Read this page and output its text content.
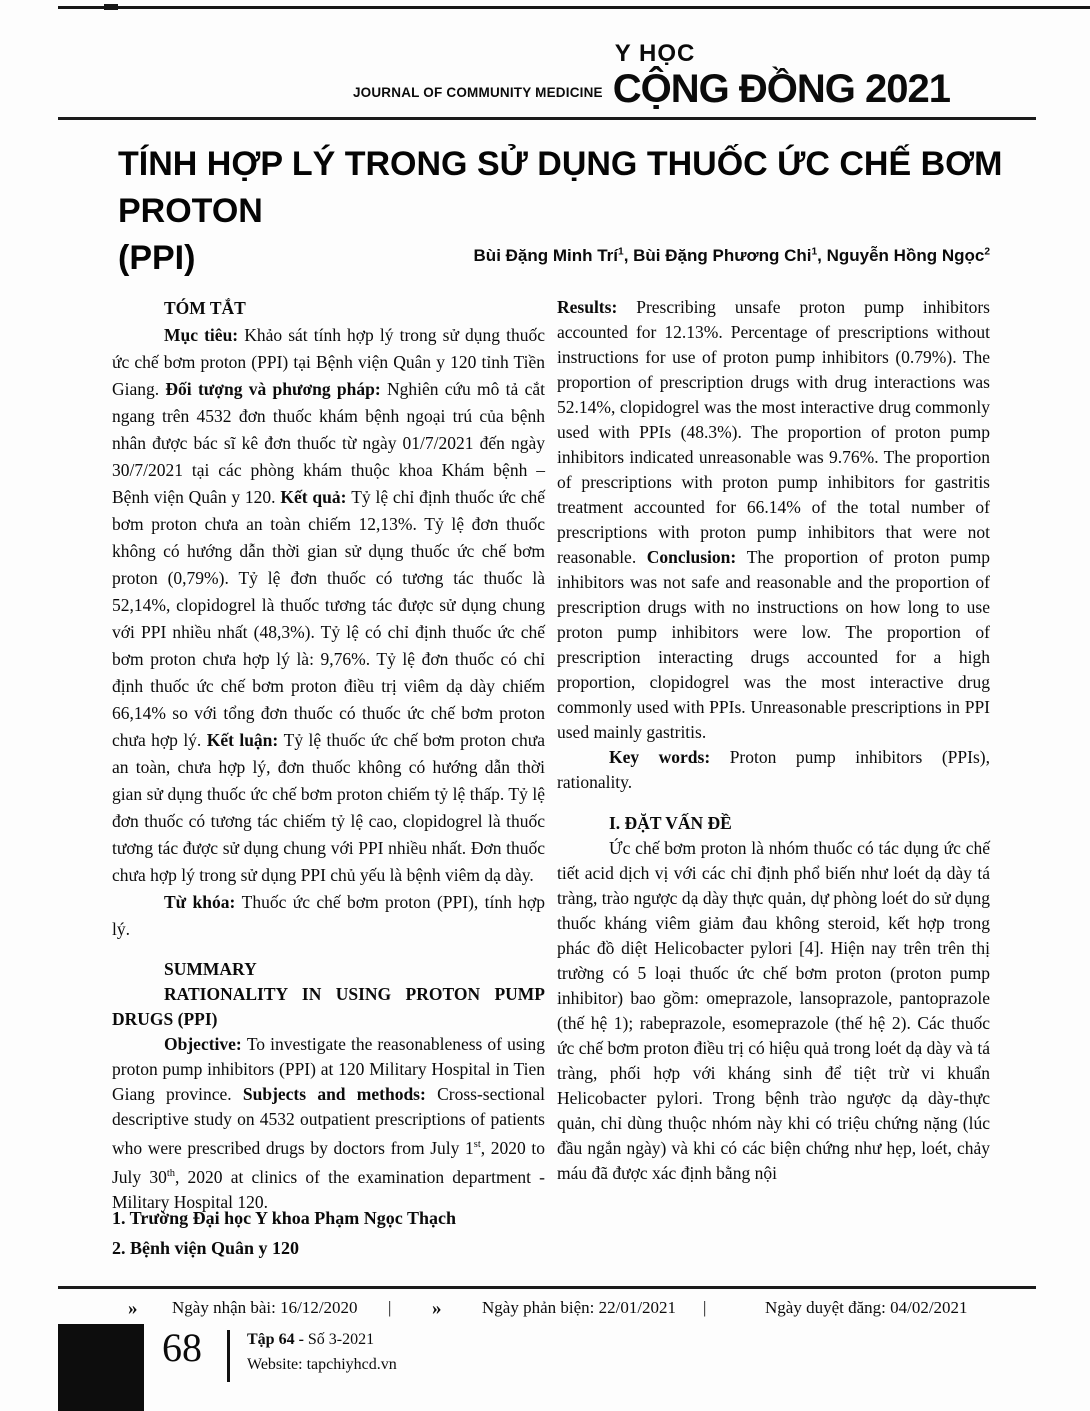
JOURNAL OF COMMUNITY MEDICINE
Y HỌC
CỘNG ĐỒNG 2021
TÍNH HỢP LÝ TRONG SỬ DỤNG THUỐC ỨC CHẾ BƠM PROTON
(PPI)	Bùi Đặng Minh Trí$^1$, Bùi Đặng Phương Chi$^1$, Nguyễn Hồng Ngọc$^2$

TÓM TẮT

Mục tiêu: Khảo sát tính hợp lý trong sử dụng thuốc ức chế bơm proton (PPI) tại Bệnh viện Quân y 120 tỉnh Tiền Giang. Đối tượng và phương pháp: Nghiên cứu mô tả cắt ngang trên 4532 đơn thuốc khám bệnh ngoại trú của bệnh nhân được bác sĩ kê đơn thuốc từ ngày 01/7/2021 đến ngày 30/7/2021 tại các phòng khám thuộc khoa Khám bệnh – Bệnh viện Quân y 120. Kết quả: Tỷ lệ chỉ định thuốc ức chế bơm proton chưa an toàn chiếm 12,13%. Tỷ lệ đơn thuốc không có hướng dẫn thời gian sử dụng thuốc ức chế bơm proton (0,79%). Tỷ lệ đơn thuốc có tương tác thuốc là 52,14%, clopidogrel là thuốc tương tác được sử dụng chung với PPI nhiều nhất (48,3%). Tỷ lệ có chỉ định thuốc ức chế bơm proton chưa hợp lý là: 9,76%. Tỷ lệ đơn thuốc có chỉ định thuốc ức chế bơm proton điều trị viêm dạ dày chiếm 66,14% so với tổng đơn thuốc có thuốc ức chế bơm proton chưa hợp lý. Kết luận: Tỷ lệ thuốc ức chế bơm proton chưa an toàn, chưa hợp lý, đơn thuốc không có hướng dẫn thời gian sử dụng thuốc ức chế bơm proton chiếm tỷ lệ thấp. Tỷ lệ đơn thuốc có tương tác chiếm tỷ lệ cao, clopidogrel là thuốc tương tác được sử dụng chung với PPI nhiều nhất. Đơn thuốc chưa hợp lý trong sử dụng PPI chủ yếu là bệnh viêm dạ dày.

Từ khóa: Thuốc ức chế bơm proton (PPI), tính hợp lý.

SUMMARY

RATIONALITY IN USING PROTON PUMP DRUGS (PPI)

Objective: To investigate the reasonableness of using proton pump inhibitors (PPI) at 120 Military Hospital in Tien Giang province. Subjects and methods: Cross-sectional descriptive study on 4532 outpatient prescriptions of patients who were prescribed drugs by doctors from July 1st, 2020 to July 30th, 2020 at clinics of the examination department - Military Hospital 120.

Results: Prescribing unsafe proton pump inhibitors accounted for 12.13%. Percentage of prescriptions without instructions for use of proton pump inhibitors (0.79%). The proportion of prescription drugs with drug interactions was 52.14%, clopidogrel was the most interactive drug commonly used with PPIs (48.3%). The proportion of proton pump inhibitors indicated unreasonable was 9.76%. The proportion of prescriptions with proton pump inhibitors for gastritis treatment accounted for 66.14% of the total number of prescriptions with proton pump inhibitors that were not reasonable. Conclusion: The proportion of proton pump inhibitors was not safe and reasonable and the proportion of prescription drugs with no instructions on how long to use proton pump inhibitors were low. The proportion of prescription interacting drugs accounted for a high proportion, clopidogrel was the most interactive drug commonly used with PPIs. Unreasonable prescriptions in PPI used mainly gastritis.

Key words: Proton pump inhibitors (PPIs), rationality.

I. ĐẶT VẤN ĐỀ

Ức chế bơm proton là nhóm thuốc có tác dụng ức chế tiết acid dịch vị với các chỉ định phổ biến như loét dạ dày tá tràng, trào ngược dạ dày thực quản, dự phòng loét do sử dụng thuốc kháng viêm giảm đau không steroid, kết hợp trong phác đồ diệt Helicobacter pylori [4]. Hiện nay trên trên thị trường có 5 loại thuốc ức chế bơm proton (proton pump inhibitor) bao gồm: omeprazole, lansoprazole, pantoprazole (thế hệ 1); rabeprazole, esomeprazole (thế hệ 2). Các thuốc ức chế bơm proton điều trị có hiệu quả trong loét dạ dày và tá tràng, phối hợp với kháng sinh để tiệt trừ vi khuẩn Helicobacter pylori. Trong bệnh trào ngược dạ dày-thực quản, chỉ dùng thuộc nhóm này khi có triệu chứng nặng (lúc đầu ngắn ngày) và khi có các biện chứng như hẹp, loét, chảy máu đã được xác định bằng nội

1. Trường Đại học Y khoa Phạm Ngọc Thạch
2. Bệnh viện Quân y 120
» Ngày nhận bài: 16/12/2020 | » Ngày phản biện: 22/01/2021 |	Ngày duyệt đăng: 04/02/2021
68	Tập 64 - Số 3-2021
Website: tapchiyhcd.vn
